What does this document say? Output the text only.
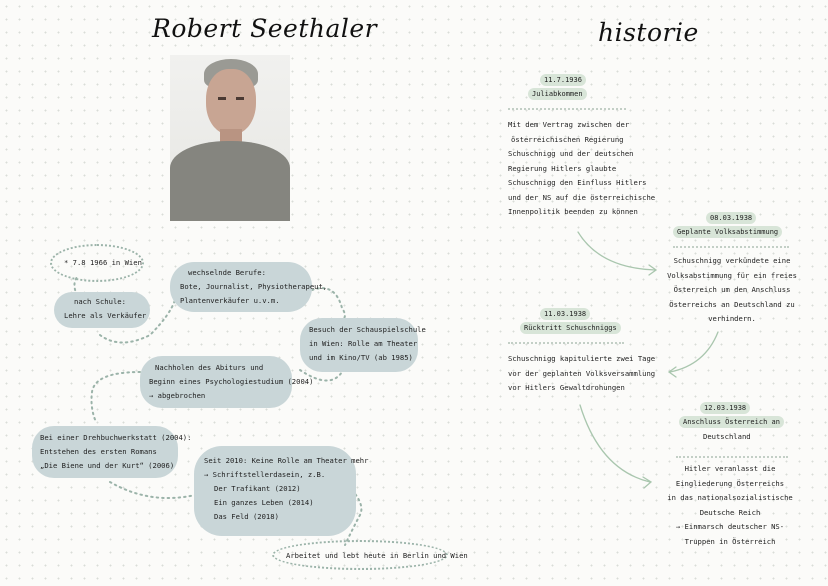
Robert Seethaler
* 7.8 1966 in Wien
nach Schule:
Lehre als Verkäufer
wechselnde Berufe:
Bote, Journalist, Physiotherapeut,
Plantenverkäufer u.v.m.
Besuch der Schauspielschule
in Wien: Rolle am Theater
und im Kino/TV (ab 1985)
Nachholen des Abiturs und
Beginn eines Psychologiestudium (2004)
→ abgebrochen
Bei einer Drehbuchwerkstatt (2004):
Entstehen des ersten Romans
„Die Biene und der Kurt“ (2006)
Seit 2010: Keine Rolle am Theater mehr
→ Schriftstellerdasein, z.B.
Der Trafikant (2012)
Ein ganzes Leben (2014)
Das Feld (2018)
Arbeitet und lebt heute in Berlin und Wien
historie
11.7.1936
Juliabkommen
Mit dem Vertrag zwischen der
österreichischen Regierung
Schuschnigg und der deutschen
Regierung Hitlers glaubte
Schuschnigg den Einfluss Hitlers
und der NS auf die österreichische
Innenpolitik beenden zu können
08.03.1938
Geplante Volksabstimmung
Schuschnigg verkündete eine
Volksabstimmung für ein freies
Österreich um den Anschluss
Österreichs an Deutschland zu
verhindern.
11.03.1938
Rücktritt Schuschniggs
Schuschnigg kapitulierte zwei Tage
vor der geplanten Volksversammlung
vor Hitlers Gewaltdrohungen
12.03.1938
Anschluss Österreich an
Deutschland
Hitler veranlasst die
Eingliederung Österreichs
in das nationalsozialistische
Deutsche Reich
→ Einmarsch deutscher NS-
Truppen in Österreich
